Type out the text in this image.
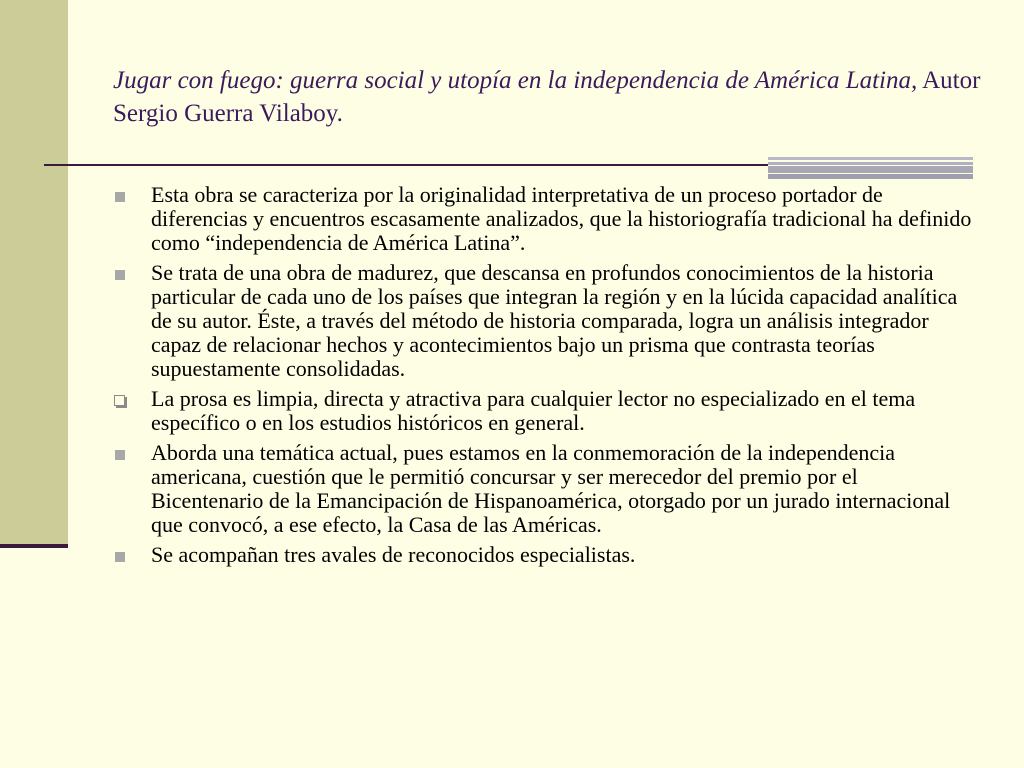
Jugar con fuego: guerra social y utopía en la independencia de América Latina, Autor Sergio Guerra Vilaboy.
Esta obra se caracteriza por la originalidad interpretativa de un proceso portador de diferencias y encuentros escasamente analizados, que la historiografía tradicional ha definido como “independencia de América Latina”.
Se trata de una obra de madurez, que descansa en profundos conocimientos de la historia particular de cada uno de los países que integran la región y en la lúcida capacidad analítica de su autor. Éste, a través del método de historia comparada, logra un análisis integrador capaz de relacionar hechos y acontecimientos bajo un prisma que contrasta teorías supuestamente consolidadas.
La prosa es limpia, directa y atractiva para cualquier lector no especializado en el tema específico o en los estudios históricos en general.
Aborda una temática actual, pues estamos en la conmemoración de la independencia americana, cuestión que le permitió concursar y ser merecedor del premio por el Bicentenario de la Emancipación de Hispanoamérica, otorgado por un jurado internacional que convocó, a ese efecto, la Casa de las Américas.
Se acompañan tres avales de reconocidos especialistas.
